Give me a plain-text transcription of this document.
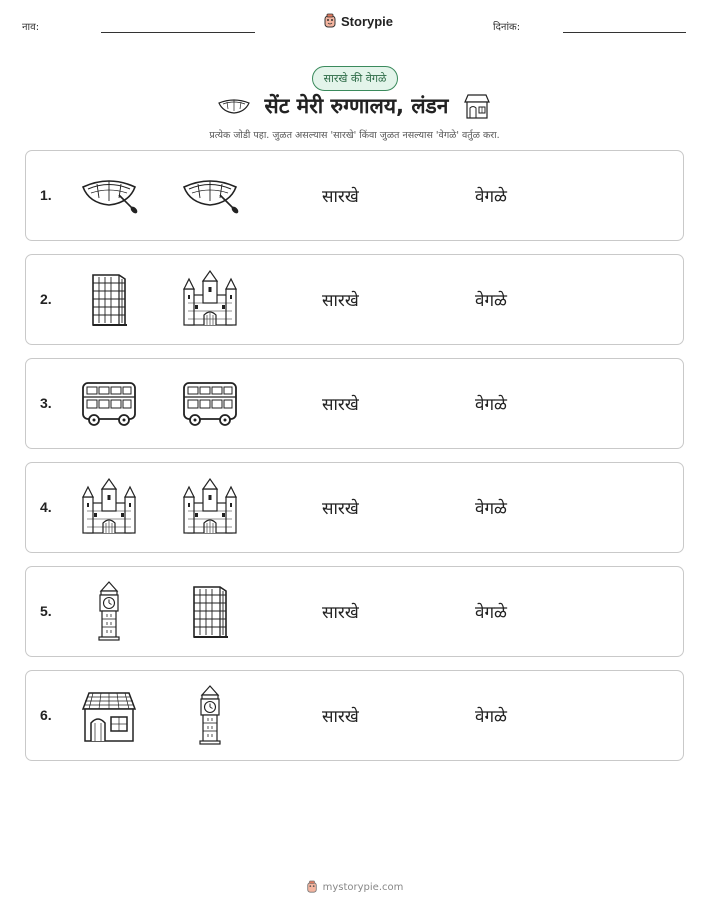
नाव:	Storypie	दिनांक:
सारखे की वेगळे
सेंट मेरी रुग्णालय, लंडन
प्रत्येक जोडी पहा. जुळत असल्यास 'सारखे' किंवा जुळत नसल्यास 'वेगळे' वर्तुळ करा.
1.	सारखे	वेगळे
2.	सारखे	वेगळे
3.	सारखे	वेगळे
4.	सारखे	वेगळे
5.	सारखे	वेगळे
6.	सारखे	वेगळे
mystorypie.com
